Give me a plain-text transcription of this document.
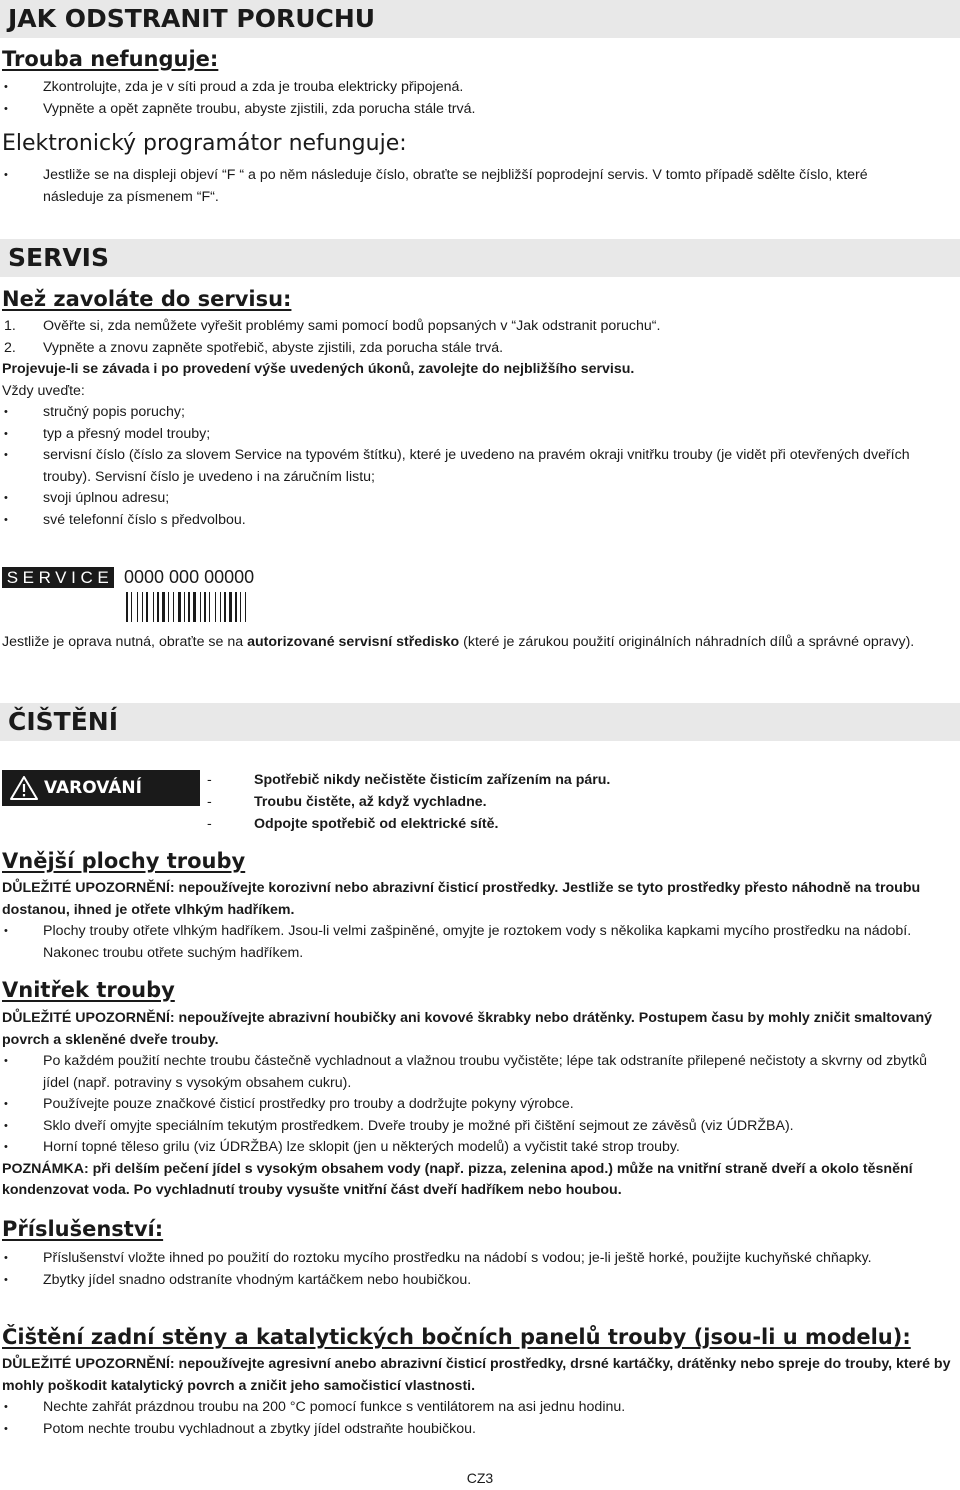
JAK ODSTRANIT PORUCHU
Trouba nefunguje:
• Zkontrolujte, zda je v síti proud a zda je trouba elektricky připojená.
• Vypněte a opět zapněte troubu, abyste zjistili, zda porucha stále trvá.
Elektronický programátor nefunguje:
• Jestliže se na displeji objeví “F “ a po něm následuje číslo, obraťte se nejbližší poprodejní servis. V tomto případě sdělte číslo, které následuje za písmenem “F“.
SERVIS
Než zavoláte do servisu:
1. Ověřte si, zda nemůžete vyřešit problémy sami pomocí bodů popsaných v “Jak odstranit poruchu“.
2. Vypněte a znovu zapněte spotřebič, abyste zjistili, zda porucha stále trvá.

Projevuje-li se závada i po provedení výše uvedených úkonů, zavolejte do nejbližšího servisu.

Vždy uveďte:

• stručný popis poruchy;
• typ a přesný model trouby;
• servisní číslo (číslo za slovem Service na typovém štítku), které je uvedeno na pravém okraji vnitřku trouby (je vidět při otevřených dveřích trouby). Servisní číslo je uvedeno i na záručním listu;
• svoji úplnou adresu;
• své telefonní číslo s předvolbou.
SERVICE 0000 000 00000

Jestliže je oprava nutná, obraťte se na autorizované servisní středisko (které je zárukou použití originálních náhradních dílů a správné opravy).

ČIŠTĚNÍ
VAROVÁNÍ
-	Spotřebič nikdy nečistěte čisticím zařízením na páru.
- Troubu čistěte, až když vychladne.
- Odpojte spotřebič od elektrické sítě.
Vnější plochy trouby

DŮLEŽITÉ UPOZORNĚNÍ: nepoužívejte korozivní nebo abrazivní čisticí prostředky. Jestliže se tyto prostředky přesto náhodně na troubu dostanou, ihned je otřete vlhkým hadříkem.

• Plochy trouby otřete vlhkým hadříkem. Jsou-li velmi zašpiněné, omyjte je roztokem vody s několika kapkami mycího prostředku na nádobí. Nakonec troubu otřete suchým hadříkem.
Vnitřek trouby

DŮLEŽITÉ UPOZORNĚNÍ: nepoužívejte abrazivní houbičky ani kovové škrabky nebo drátěnky. Postupem času by mohly zničit smaltovaný povrch a skleněné dveře trouby.

• Po každém použití nechte troubu částečně vychladnout a vlažnou troubu vyčistěte; lépe tak odstraníte přilepené nečistoty a skvrny od zbytků jídel (např. potraviny s vysokým obsahem cukru).
• Používejte pouze značkové čisticí prostředky pro trouby a dodržujte pokyny výrobce.
• Sklo dveří omyjte speciálním tekutým prostředkem. Dveře trouby je možné při čištění sejmout ze závěsů (viz ÚDRŽBA).
• Horní topné těleso grilu (viz ÚDRŽBA) lze sklopit (jen u některých modelů) a vyčistit také strop trouby.

POZNÁMKA: při delším pečení jídel s vysokým obsahem vody (např. pizza, zelenina apod.) může na vnitřní straně dveří a okolo těsnění kondenzovat voda. Po vychladnutí trouby vysušte vnitřní část dveří hadříkem nebo houbou.

Příslušenství:
• Příslušenství vložte ihned po použití do roztoku mycího prostředku na nádobí s vodou; je-li ještě horké, použijte kuchyňské chňapky.
• Zbytky jídel snadno odstraníte vhodným kartáčkem nebo houbičkou.
Čištění zadní stěny a katalytických bočních panelů trouby (jsou-li u modelu):

DŮLEŽITÉ UPOZORNĚNÍ: nepoužívejte agresivní anebo abrazivní čisticí prostředky, drsné kartáčky, drátěnky nebo spreje do trouby, které by mohly poškodit katalytický povrch a zničit jeho samočisticí vlastnosti.

• Nechte zahřát prázdnou troubu na 200 °C pomocí funkce s ventilátorem na asi jednu hodinu.
• Potom nechte troubu vychladnout a zbytky jídel odstraňte houbičkou.
CZ3
